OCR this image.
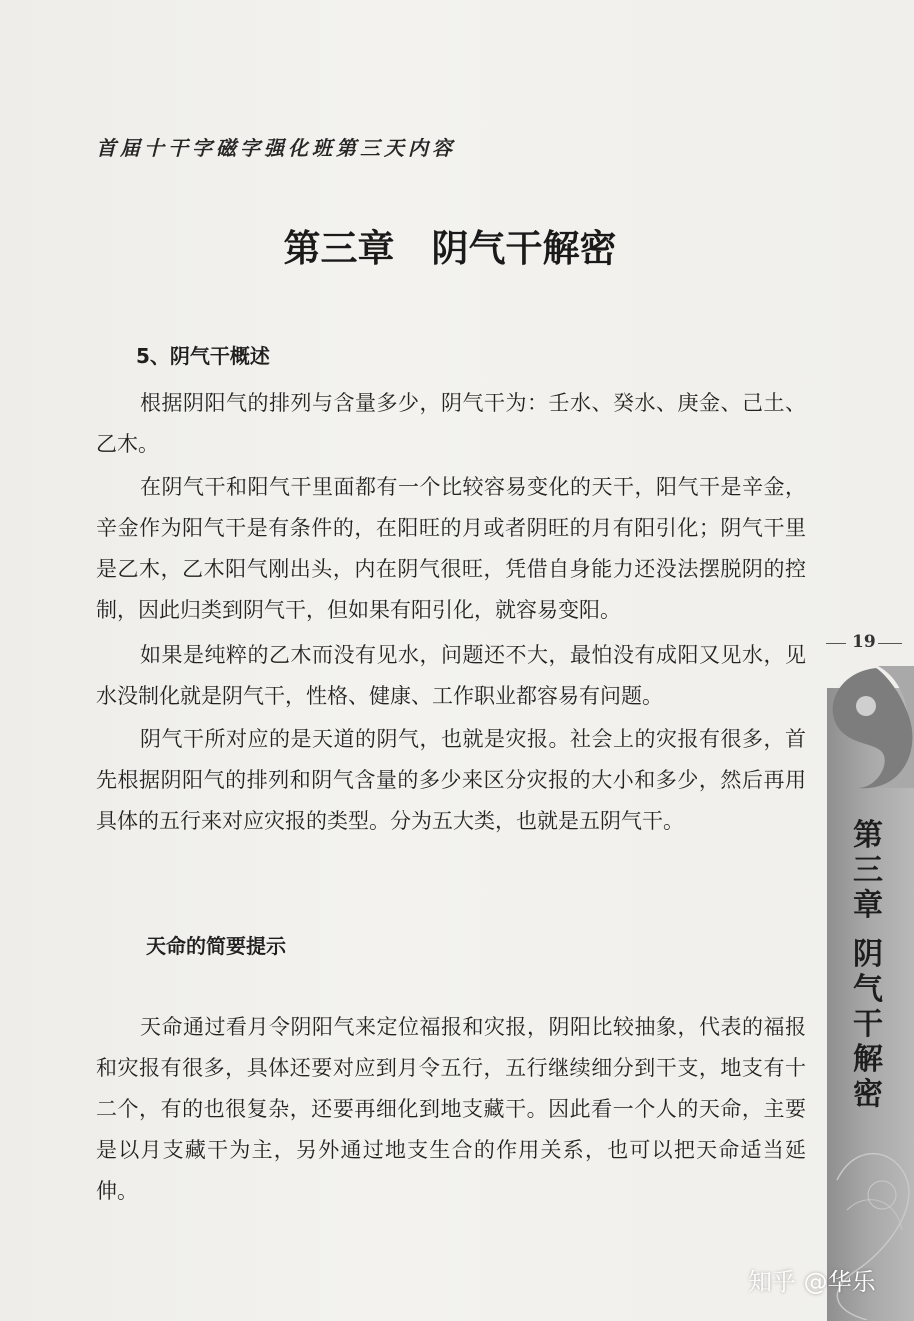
首届十干字磁字强化班第三天内容
第三章　阴气干解密
5、阴气干概述

根据阴阳气的排列与含量多少，阴气干为：壬水、癸水、庚金、己土、乙木。

在阴气干和阳气干里面都有一个比较容易变化的天干，阳气干是辛金，辛金作为阳气干是有条件的，在阳旺的月或者阴旺的月有阳引化；阴气干里是乙木，乙木阳气刚出头，内在阴气很旺，凭借自身能力还没法摆脱阴的控制，因此归类到阴气干，但如果有阳引化，就容易变阳。

如果是纯粹的乙木而没有见水，问题还不大，最怕没有成阳又见水，见水没制化就是阴气干，性格、健康、工作职业都容易有问题。

阴气干所对应的是天道的阴气，也就是灾报。社会上的灾报有很多，首先根据阴阳气的排列和阴气含量的多少来区分灾报的大小和多少，然后再用具体的五行来对应灾报的类型。分为五大类，也就是五阴气干。

天命的简要提示

天命通过看月令阴阳气来定位福报和灾报，阴阳比较抽象，代表的福报和灾报有很多，具体还要对应到月令五行，五行继续细分到干支，地支有十二个，有的也很复杂，还要再细化到地支藏干。因此看一个人的天命，主要是以月支藏干为主，另外通过地支生合的作用关系，也可以把天命适当延伸。

19
第
三
章
阴
气
干
解
密
知乎 @华乐
